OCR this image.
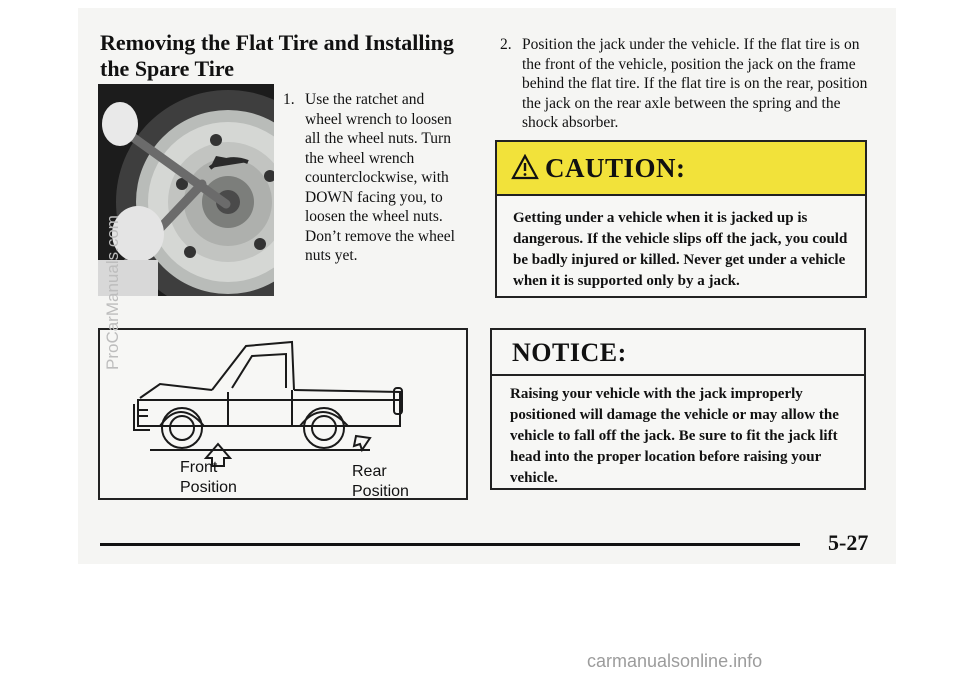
Removing the Flat Tire and Installing the Spare Tire
1. Use the ratchet and wheel wrench to loosen all the wheel nuts. Turn the wheel wrench counterclockwise, with DOWN facing you, to loosen the wheel nuts. Don’t remove the wheel nuts yet.
2. Position the jack under the vehicle. If the flat tire is on the front of the vehicle, position the jack on the frame behind the flat tire. If the flat tire is on the rear, position the jack on the rear axle between the spring and the shock absorber.
Front
Position
Rear
Position
CAUTION:
Getting under a vehicle when it is jacked up is dangerous. If the vehicle slips off the jack, you could be badly injured or killed. Never get under a vehicle when it is supported only by a jack.
NOTICE:
Raising your vehicle with the jack improperly positioned will damage the vehicle or may allow the vehicle to fall off the jack. Be sure to fit the jack lift head into the proper location before raising your vehicle.
5-27
ProCarManuals.com
carmanualsonline.info
